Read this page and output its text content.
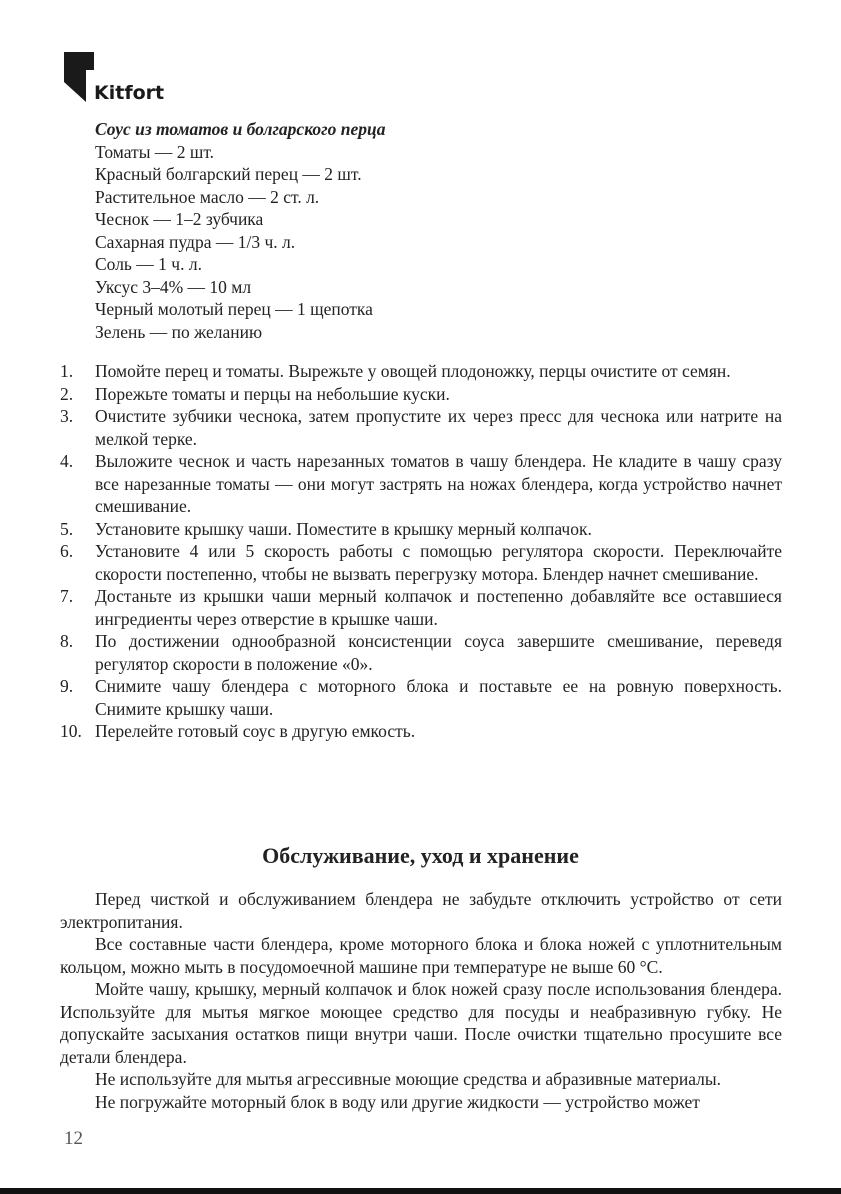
Kitfort
Соус из томатов и болгарского перца
Томаты — 2 шт.
Красный болгарский перец — 2 шт.
Растительное масло — 2 ст. л.
Чеснок — 1–2 зубчика
Сахарная пудра — 1/3 ч. л.
Соль — 1 ч. л.
Уксус 3–4% — 10 мл
Черный молотый перец — 1 щепотка
Зелень — по желанию
1.	Помойте перец и томаты. Вырежьте у овощей плодоножку, перцы очистите от семян.
2.	Порежьте томаты и перцы на небольшие куски.
3.	Очистите зубчики чеснока, затем пропустите их через пресс для чеснока или натрите на мелкой терке.
4.	Выложите чеснок и часть нарезанных томатов в чашу блендера. Не кладите в чашу сразу все нарезанные томаты — они могут застрять на ножах блендера, когда устройство начнет смешивание.
5.	Установите крышку чаши. Поместите в крышку мерный колпачок.
6.	Установите 4 или 5 скорость работы с помощью регулятора скорости. Переключайте скорости постепенно, чтобы не вызвать перегрузку мотора. Блендер начнет смешивание.
7.	Достаньте из крышки чаши мерный колпачок и постепенно добавляйте все оставшиеся ингредиенты через отверстие в крышке чаши.
8.	По достижении однообразной консистенции соуса завершите смешивание, переведя регулятор скорости в положение «0».
9.	Снимите чашу блендера с моторного блока и поставьте ее на ровную поверхность. Снимите крышку чаши.
10. Перелейте готовый соус в другую емкость.
Обслуживание, уход и хранение

Перед чисткой и обслуживанием блендера не забудьте отключить устройство от сети электропитания.

Все составные части блендера, кроме моторного блока и блока ножей с уплотнительным кольцом, можно мыть в посудомоечной машине при температуре не выше 60 °C.

Мойте чашу, крышку, мерный колпачок и блок ножей сразу после использования блендера. Используйте для мытья мягкое моющее средство для посуды и неабразивную губку. Не допускайте засыхания остатков пищи внутри чаши. После очистки тщательно просушите все детали блендера.

Не используйте для мытья агрессивные моющие средства и абразивные материалы.

Не погружайте моторный блок в воду или другие жидкости — устройство может

12
